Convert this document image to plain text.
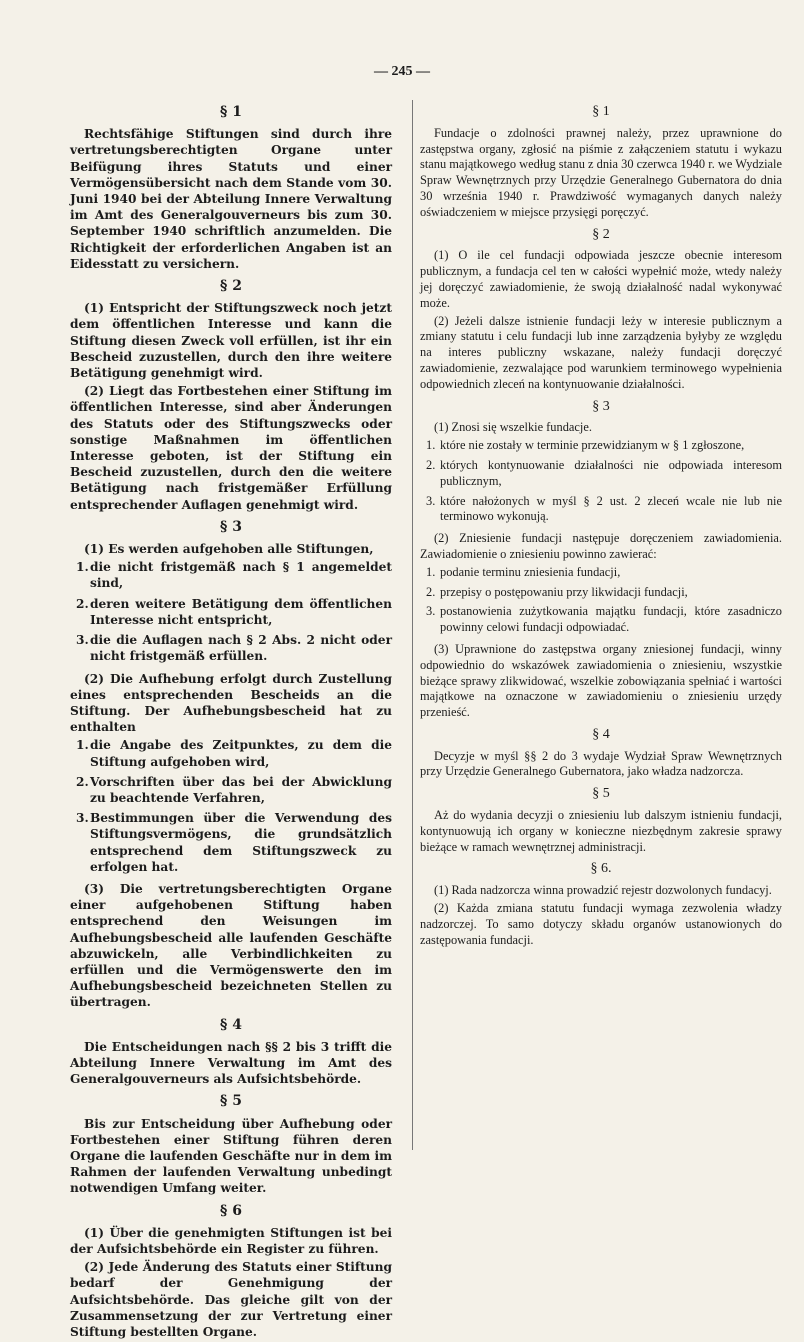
— 245 —
§ 1

Rechtsfähige Stiftungen sind durch ihre vertretungsberechtigten Organe unter Beifügung ihres Statuts und einer Vermögensübersicht nach dem Stande vom 30. Juni 1940 bei der Abteilung Innere Verwaltung im Amt des Generalgouverneurs bis zum 30. September 1940 schriftlich anzumelden. Die Richtigkeit der erforderlichen Angaben ist an Eidesstatt zu versichern.

§ 2

(1) Entspricht der Stiftungszweck noch jetzt dem öffentlichen Interesse und kann die Stiftung diesen Zweck voll erfüllen, ist ihr ein Bescheid zuzustellen, durch den ihre weitere Betätigung genehmigt wird.

(2) Liegt das Fortbestehen einer Stiftung im öffentlichen Interesse, sind aber Änderungen des Statuts oder des Stiftungszwecks oder sonstige Maßnahmen im öffentlichen Interesse geboten, ist der Stiftung ein Bescheid zuzustellen, durch den die weitere Betätigung nach fristgemäßer Erfüllung entsprechender Auflagen genehmigt wird.

§ 3

(1) Es werden aufgehoben alle Stiftungen,

1. die nicht fristgemäß nach § 1 angemeldet sind,
2. deren weitere Betätigung dem öffentlichen Interesse nicht entspricht,
3. die die Auflagen nach § 2 Abs. 2 nicht oder nicht fristgemäß erfüllen.

(2) Die Aufhebung erfolgt durch Zustellung eines entsprechenden Bescheids an die Stiftung. Der Aufhebungsbescheid hat zu enthalten

1. die Angabe des Zeitpunktes, zu dem die Stiftung aufgehoben wird,
2. Vorschriften über das bei der Abwicklung zu beachtende Verfahren,
3. Bestimmungen über die Verwendung des Stiftungsvermögens, die grundsätzlich entsprechend dem Stiftungszweck zu erfolgen hat.

(3) Die vertretungsberechtigten Organe einer aufgehobenen Stiftung haben entsprechend den Weisungen im Aufhebungsbescheid alle laufenden Geschäfte abzuwickeln, alle Verbindlichkeiten zu erfüllen und die Vermögenswerte den im Aufhebungsbescheid bezeichneten Stellen zu übertragen.

§ 4

Die Entscheidungen nach §§ 2 bis 3 trifft die Abteilung Innere Verwaltung im Amt des Generalgouverneurs als Aufsichtsbehörde.

§ 5

Bis zur Entscheidung über Aufhebung oder Fortbestehen einer Stiftung führen deren Organe die laufenden Geschäfte nur in dem im Rahmen der laufenden Verwaltung unbedingt notwendigen Umfang weiter.

§ 6

(1) Über die genehmigten Stiftungen ist bei der Aufsichtsbehörde ein Register zu führen.

(2) Jede Änderung des Statuts einer Stiftung bedarf der Genehmigung der Aufsichtsbehörde. Das gleiche gilt von der Zusammensetzung der zur Vertretung einer Stiftung bestellten Organe.

§ 1

Fundacje o zdolności prawnej należy, przez uprawnione do zastępstwa organy, zgłosić na piśmie z załączeniem statutu i wykazu stanu majątkowego według stanu z dnia 30 czerwca 1940 r. we Wydziale Spraw Wewnętrznych przy Urzędzie Generalnego Gubernatora do dnia 30 września 1940 r. Prawdziwość wymaganych danych należy oświadczeniem w miejsce przysięgi poręczyć.

§ 2

(1) O ile cel fundacji odpowiada jeszcze obecnie interesom publicznym, a fundacja cel ten w całości wypełnić może, wtedy należy jej doręczyć zawiadomienie, że swoją działalność nadal wykonywać może.

(2) Jeżeli dalsze istnienie fundacji leży w interesie publicznym a zmiany statutu i celu fundacji lub inne zarządzenia byłyby ze względu na interes publiczny wskazane, należy fundacji doręczyć zawiadomienie, zezwalające pod warunkiem terminowego wypełnienia odpowiednich zleceń na kontynuowanie działalności.

§ 3

(1) Znosi się wszelkie fundacje.

1. które nie zostały w terminie przewidzianym w § 1 zgłoszone,
2. których kontynuowanie działalności nie odpowiada interesom publicznym,
3. które nałożonych w myśl § 2 ust. 2 zleceń wcale nie lub nie terminowo wykonują.

(2) Zniesienie fundacji następuje doręczeniem zawiadomienia. Zawiadomienie o zniesieniu powinno zawierać:

1. podanie terminu zniesienia fundacji,
2. przepisy o postępowaniu przy likwidacji fundacji,
3. postanowienia zużytkowania majątku fundacji, które zasadniczo powinny celowi fundacji odpowiadać.

(3) Uprawnione do zastępstwa organy zniesionej fundacji, winny odpowiednio do wskazówek zawiadomienia o zniesieniu, wszystkie bieżące sprawy zlikwidować, wszelkie zobowiązania spełniać i wartości majątkowe na oznaczone w zawiadomieniu o zniesieniu urzędy przenieść.

§ 4

Decyzje w myśl §§ 2 do 3 wydaje Wydział Spraw Wewnętrznych przy Urzędzie Generalnego Gubernatora, jako władza nadzorcza.

§ 5

Aż do wydania decyzji o zniesieniu lub dalszym istnieniu fundacji, kontynuowują ich organy w konieczne niezbędnym zakresie sprawy bieżące w ramach wewnętrznej administracji.

§ 6.

(1) Rada nadzorcza winna prowadzić rejestr dozwolonych fundacyj.

(2) Każda zmiana statutu fundacji wymaga zezwolenia władzy nadzorczej. To samo dotyczy składu organów ustanowionych do zastępowania fundacji.
